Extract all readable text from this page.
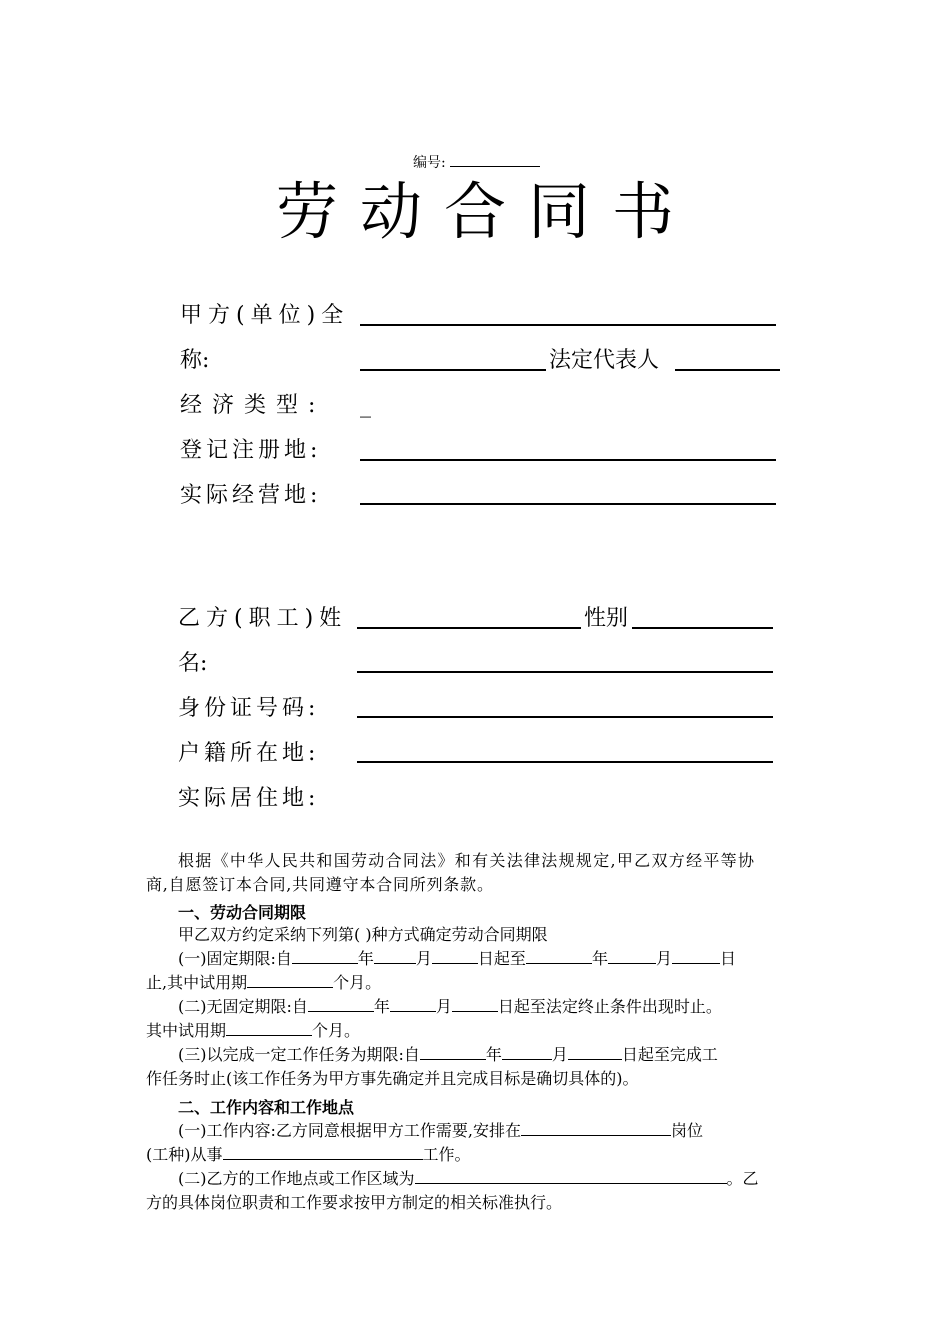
编号:
劳动合同书
甲方(单位)全
称:	法定代表人
经济类型: _
登记注册地:
实际经营地:
乙方(职工)姓	性别
名:
身份证号码:
户籍所在地:
实际居住地:
根据《中华人民共和国劳动合同法》和有关法律法规规定,甲乙双方经平等协
商,自愿签订本合同,共同遵守本合同所列条款。
一、劳动合同期限
甲乙双方约定采纳下列第( )种方式确定劳动合同期限
(一)固定期限:自	年	月	日起至	年	月	日
止,其中试用期	个月。
(二)无固定期限:自	年	月	日起至法定终止条件出现时止。
其中试用期	个月。
(三)以完成一定工作任务为期限:自	年	月	日起至完成工
作任务时止(该工作任务为甲方事先确定并且完成目标是确切具体的)。
二、工作内容和工作地点
(一)工作内容:乙方同意根据甲方工作需要,安排在	岗位
(工种)从事	工作。
(二)乙方的工作地点或工作区域为	。乙
方的具体岗位职责和工作要求按甲方制定的相关标准执行。
